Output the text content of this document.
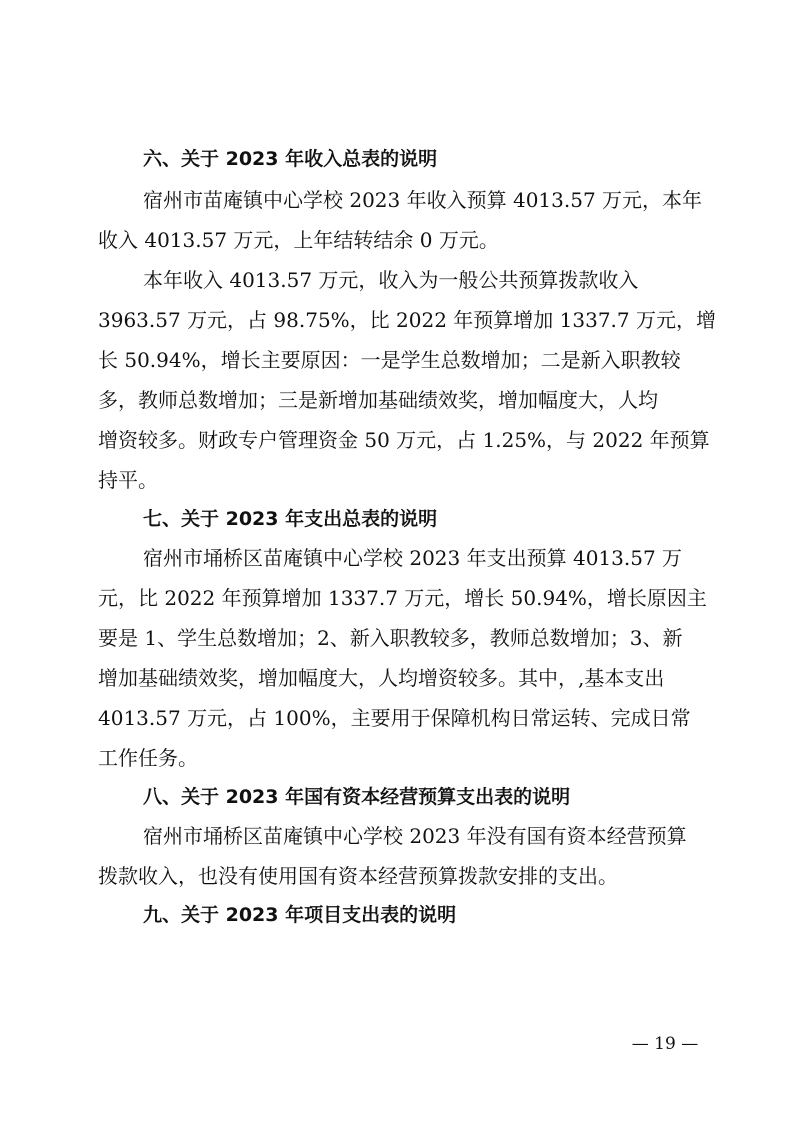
六、关于 2023 年收入总表的说明
宿州市苗庵镇中心学校 2023 年收入预算 4013.57 万元，本年
收入 4013.57 万元，上年结转结余 0 万元。
本年收入 4013.57 万元，收入为一般公共预算拨款收入
3963.57 万元，占 98.75%，比 2022 年预算增加 1337.7 万元，增
长 50.94%，增长主要原因：一是学生总数增加；二是新入职教较
多，教师总数增加；三是新增加基础绩效奖，增加幅度大，人均
增资较多。财政专户管理资金 50 万元，占 1.25%，与 2022 年预算
持平。
七、关于 2023 年支出总表的说明
宿州市埇桥区苗庵镇中心学校 2023 年支出预算 4013.57 万
元，比 2022 年预算增加 1337.7 万元，增长 50.94%，增长原因主
要是 1、学生总数增加；2、新入职教较多，教师总数增加；3、新
增加基础绩效奖，增加幅度大，人均增资较多。其中，,基本支出
4013.57 万元，占 100%，主要用于保障机构日常运转、完成日常
工作任务。
八、关于 2023 年国有资本经营预算支出表的说明
宿州市埇桥区苗庵镇中心学校 2023 年没有国有资本经营预算
拨款收入，也没有使用国有资本经营预算拨款安排的支出。
九、关于 2023 年项目支出表的说明
— 19 —
